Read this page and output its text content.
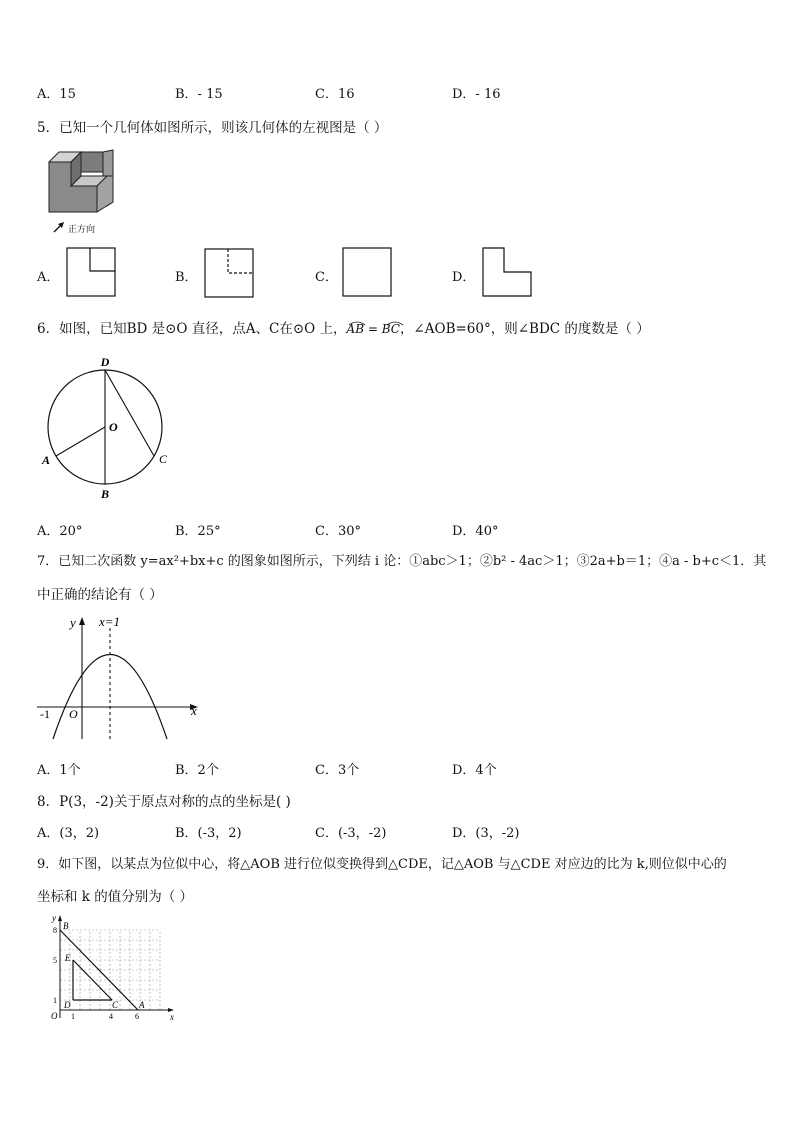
A．15	B．- 15	C．16	D．- 16
5．已知一个几何体如图所示，则该几何体的左视图是（ ）
正方向
A．	B．	C．	D．
6．如图，已知BD 是⊙O 直径，点A、C在⊙O 上，AB = BC
，∠AOB=60°，则∠BDC 的度数是（ ）
D
O
A	C
B
A．20°	B．25°	C．30°	D．40°
7．已知二次函数 y=ax²+bx+c 的图象如图所示，下列结 i 论：①abc＞1；②b² - 4ac＞1；③2a+b＝1；④a - b+c＜1．其
中正确的结论有（ ）
y x=1
-1 O	x
A．1个	B．2个	C．3个	D．4个
8．P(3，-2)关于原点对称的点的坐标是( )
A．(3，2)	B．(-3，2)	C．(-3，-2)	D．(3，-2)
9．如下图，以某点为位似中心，将△AOB 进行位似变换得到△CDE，记△AOB 与△CDE 对应边的比为 k,则位似中心的
坐标和 k 的值分别为（ ）
y
x
B
E
D	C A
O
8
5
1
1	4	6
